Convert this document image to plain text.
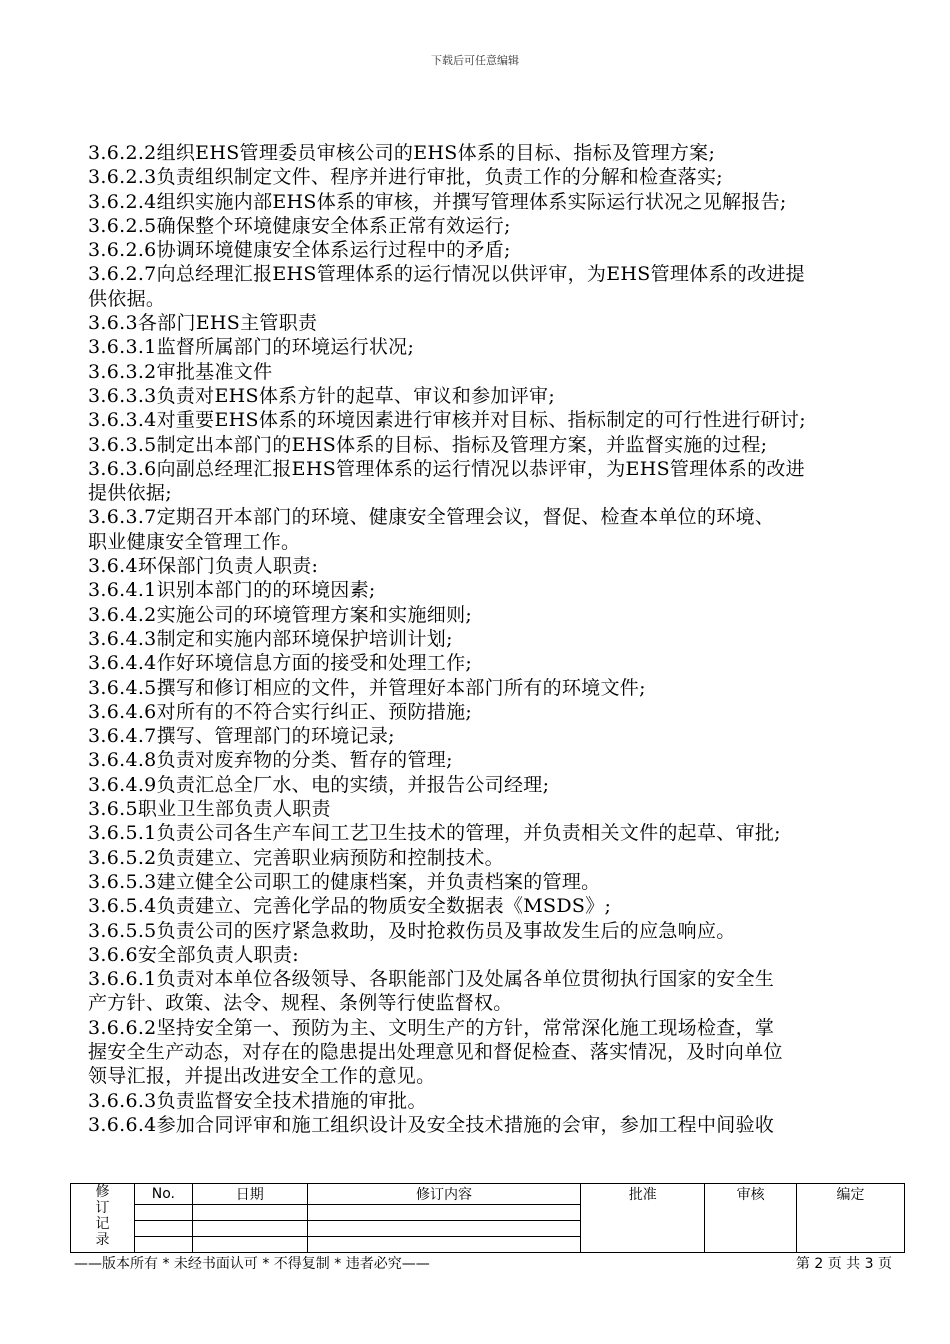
下载后可任意编辑
3.6.2.2组织EHS管理委员审核公司的EHS体系的目标、指标及管理方案;
3.6.2.3负责组织制定文件、程序并进行审批，负责工作的分解和检查落实;
3.6.2.4组织实施内部EHS体系的审核，并撰写管理体系实际运行状况之见解报告;
3.6.2.5确保整个环境健康安全体系正常有效运行;
3.6.2.6协调环境健康安全体系运行过程中的矛盾;
3.6.2.7向总经理汇报EHS管理体系的运行情况以供评审，为EHS管理体系的改进提
供依据。
3.6.3各部门EHS主管职责
3.6.3.1监督所属部门的环境运行状况;
3.6.3.2审批基准文件
3.6.3.3负责对EHS体系方针的起草、审议和参加评审;
3.6.3.4对重要EHS体系的环境因素进行审核并对目标、指标制定的可行性进行研讨;
3.6.3.5制定出本部门的EHS体系的目标、指标及管理方案，并监督实施的过程;
3.6.3.6向副总经理汇报EHS管理体系的运行情况以恭评审，为EHS管理体系的改进
提供依据;
3.6.3.7定期召开本部门的环境、健康安全管理会议，督促、检查本单位的环境、
职业健康安全管理工作。
3.6.4环保部门负责人职责:
3.6.4.1识别本部门的的环境因素;
3.6.4.2实施公司的环境管理方案和实施细则;
3.6.4.3制定和实施内部环境保护培训计划;
3.6.4.4作好环境信息方面的接受和处理工作;
3.6.4.5撰写和修订相应的文件，并管理好本部门所有的环境文件;
3.6.4.6对所有的不符合实行纠正、预防措施;
3.6.4.7撰写、管理部门的环境记录;
3.6.4.8负责对废弃物的分类、暂存的管理;
3.6.4.9负责汇总全厂水、电的实绩，并报告公司经理;
3.6.5职业卫生部负责人职责
3.6.5.1负责公司各生产车间工艺卫生技术的管理，并负责相关文件的起草、审批;
3.6.5.2负责建立、完善职业病预防和控制技术。
3.6.5.3建立健全公司职工的健康档案，并负责档案的管理。
3.6.5.4负责建立、完善化学品的物质安全数据表《MSDS》;
3.6.5.5负责公司的医疗紧急救助，及时抢救伤员及事故发生后的应急响应。
3.6.6安全部负责人职责:
3.6.6.1负责对本单位各级领导、各职能部门及处属各单位贯彻执行国家的安全生
产方针、政策、法令、规程、条例等行使监督权。
3.6.6.2坚持安全第一、预防为主、文明生产的方针，常常深化施工现场检查，掌
握安全生产动态，对存在的隐患提出处理意见和督促检查、落实情况，及时向单位
领导汇报，并提出改进安全工作的意见。
3.6.6.3负责监督安全技术措施的审批。
3.6.6.4参加合同评审和施工组织设计及安全技术措施的会审，参加工程中间验收
修
订
记
录	No.	日期	修订内容	批准	审核	编定

——版本所有 * 未经书面认可 * 不得复制 * 违者必究——	第 2 页 共 3 页
